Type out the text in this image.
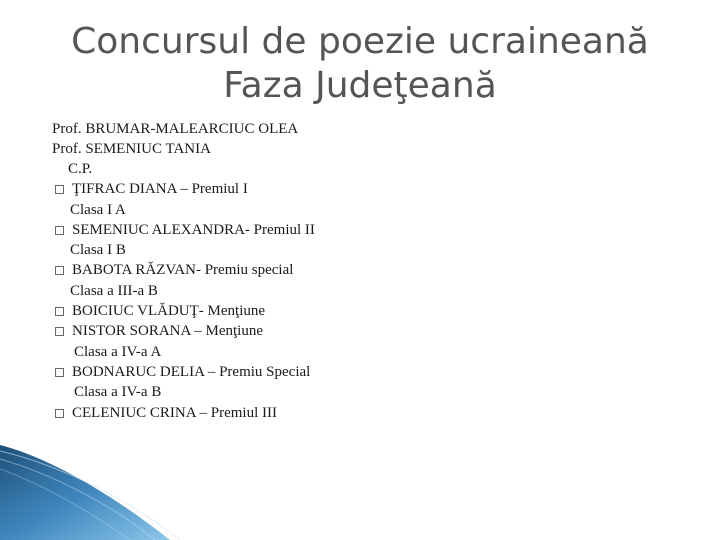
Concursul de poezie ucraineană
Faza Judeţeană
Prof. BRUMAR-MALEARCIUC OLEA
Prof. SEMENIUC TANIA
C.P.
ŢIFRAC DIANA – Premiul I
Clasa I A
SEMENIUC ALEXANDRA- Premiul II
Clasa I B
BABOTA RĂZVAN- Premiu special
Clasa a III-a B
BOICIUC VLĂDUŢ- Menţiune
NISTOR SORANA – Menţiune
Clasa a IV-a A
BODNARUC DELIA – Premiu Special
Clasa a IV-a B
CELENIUC CRINA – Premiul III
